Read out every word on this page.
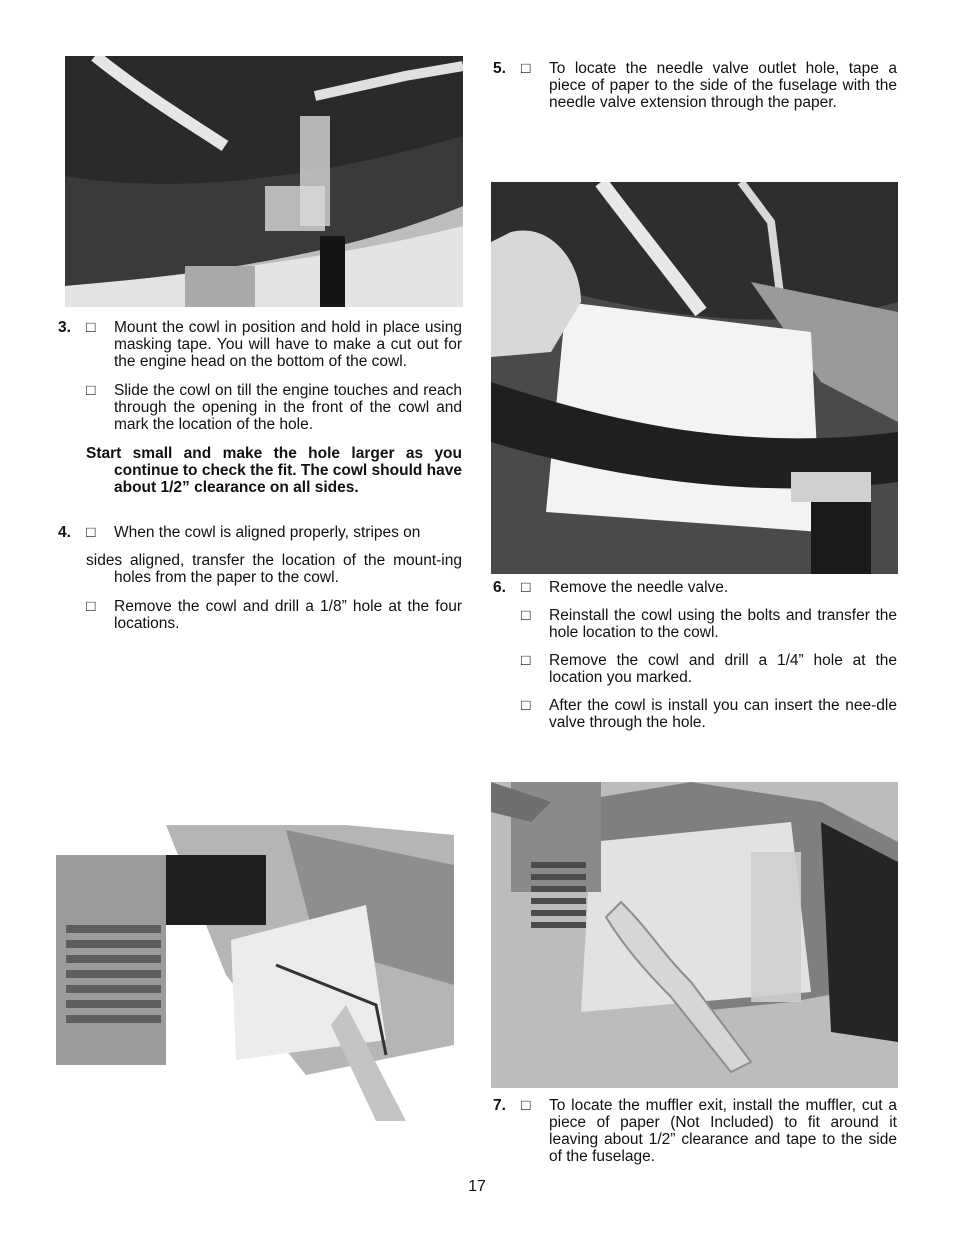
3. □ Mount the cowl in position and hold in place using masking tape. You will have to make a cut out for the engine head on the bottom of the cowl.
□ Slide the cowl on till the engine touches and reach through the opening in the front of the cowl and mark the location of the hole.
Start small and make the hole larger as you continue to check the fit. The cowl should have about 1/2” clearance on all sides.
4. □ When the cowl is aligned properly, stripes on
sides aligned, transfer the location of the mount-ing holes from the paper to the cowl.
□ Remove the cowl and drill a 1/8” hole at the four locations.
5. □ To locate the needle valve outlet hole, tape a piece of paper to the side of the fuselage with the needle valve extension through the paper.
6. □ Remove the needle valve.
□ Reinstall the cowl using the bolts and transfer the hole location to the cowl.
□ Remove the cowl and drill a 1/4” hole at the location you marked.
□ After the cowl is install you can insert the nee-dle valve through the hole.
7. □ To locate the muffler exit, install the muffler, cut a piece of paper (Not Included) to fit around it leaving about 1/2” clearance and tape to the side of the fuselage.
17
